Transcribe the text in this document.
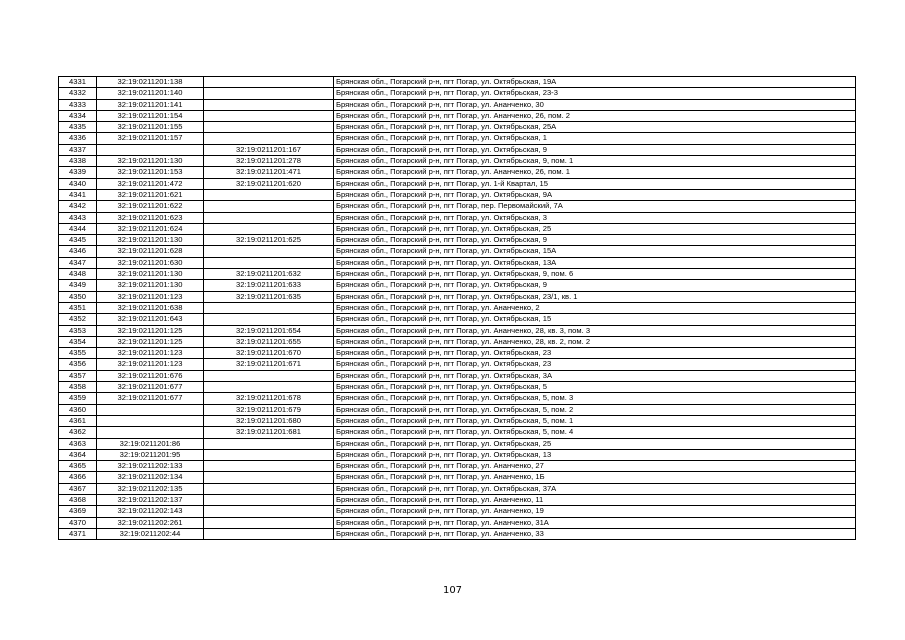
4331	32:19:0211201:138		Брянская обл., Погарский р-н, пгт Погар, ул. Октябрьская, 19А
4332	32:19:0211201:140		Брянская обл., Погарский р-н, пгт Погар, ул. Октябрьская, 23-3
4333	32:19:0211201:141		Брянская обл., Погарский р-н, пгт Погар, ул. Ананченко, 30
4334	32:19:0211201:154		Брянская обл., Погарский р-н, пгт Погар, ул. Ананченко, 26, пом. 2
4335	32:19:0211201:155		Брянская обл., Погарский р-н, пгт Погар, ул. Октябрьская, 25А
4336	32:19:0211201:157		Брянская обл., Погарский р-н, пгт Погар, ул. Октябрьская, 1
4337		32:19:0211201:167	Брянская обл., Погарский р-н, пгт Погар, ул. Октябрьская, 9
4338	32:19:0211201:130	32:19:0211201:278	Брянская обл., Погарский р-н, пгт Погар, ул. Октябрьская, 9, пом. 1
4339	32:19:0211201:153	32:19:0211201:471	Брянская обл., Погарский р-н, пгт Погар, ул. Ананченко, 26, пом. 1
4340	32:19:0211201:472	32:19:0211201:620	Брянская обл., Погарский р-н, пгт Погар, ул. 1-й Квартал, 15
4341	32:19:0211201:621		Брянская обл., Погарский р-н, пгт Погар, ул. Октябрьская, 9А
4342	32:19:0211201:622		Брянская обл., Погарский р-н, пгт Погар, пер. Первомайский, 7А
4343	32:19:0211201:623		Брянская обл., Погарский р-н, пгт Погар, ул. Октябрьская, 3
4344	32:19:0211201:624		Брянская обл., Погарский р-н, пгт Погар, ул. Октябрьская, 25
4345	32:19:0211201:130	32:19:0211201:625	Брянская обл., Погарский р-н, пгт Погар, ул. Октябрьская, 9
4346	32:19:0211201:628		Брянская обл., Погарский р-н, пгт Погар, ул. Октябрьская, 15А
4347	32:19:0211201:630		Брянская обл., Погарский р-н, пгт Погар, ул. Октябрьская, 13А
4348	32:19:0211201:130	32:19:0211201:632	Брянская обл., Погарский р-н, пгт Погар, ул. Октябрьская, 9, пом. 6
4349	32:19:0211201:130	32:19:0211201:633	Брянская обл., Погарский р-н, пгт Погар, ул. Октябрьская, 9
4350	32:19:0211201:123	32:19:0211201:635	Брянская обл., Погарский р-н, пгт Погар, ул. Октябрьская, 23/1, кв. 1
4351	32:19:0211201:638		Брянская обл., Погарский р-н, пгт Погар, ул. Ананченко, 2
4352	32:19:0211201:643		Брянская обл., Погарский р-н, пгт Погар, ул. Октябрьская, 15
4353	32:19:0211201:125	32:19:0211201:654	Брянская обл., Погарский р-н, пгт Погар, ул. Ананченко, 28, кв. 3, пом. 3
4354	32:19:0211201:125	32:19:0211201:655	Брянская обл., Погарский р-н, пгт Погар, ул. Ананченко, 28, кв. 2, пом. 2
4355	32:19:0211201:123	32:19:0211201:670	Брянская обл., Погарский р-н, пгт Погар, ул. Октябрьская, 23
4356	32:19:0211201:123	32:19:0211201:671	Брянская обл., Погарский р-н, пгт Погар, ул. Октябрьская, 23
4357	32:19:0211201:676		Брянская обл., Погарский р-н, пгт Погар, ул. Октябрьская, 3А
4358	32:19:0211201:677		Брянская обл., Погарский р-н, пгт Погар, ул. Октябрьская, 5
4359	32:19:0211201:677	32:19:0211201:678	Брянская обл., Погарский р-н, пгт Погар, ул. Октябрьская, 5, пом. 3
4360		32:19:0211201:679	Брянская обл., Погарский р-н, пгт Погар, ул. Октябрьская, 5, пом. 2
4361		32:19:0211201:680	Брянская обл., Погарский р-н, пгт Погар, ул. Октябрьская, 5, пом. 1
4362		32:19:0211201:681	Брянская обл., Погарский р-н, пгт Погар, ул. Октябрьская, 5, пом. 4
4363	32:19:0211201:86		Брянская обл., Погарский р-н, пгт Погар, ул. Октябрьская, 25
4364	32:19:0211201:95		Брянская обл., Погарский р-н, пгт Погар, ул. Октябрьская, 13
4365	32:19:0211202:133		Брянская обл., Погарский р-н, пгт Погар, ул. Ананченко, 27
4366	32:19:0211202:134		Брянская обл., Погарский р-н, пгт Погар, ул. Ананченко, 1Б
4367	32:19:0211202:135		Брянская обл., Погарский р-н, пгт Погар, ул. Октябрьская, 37А
4368	32:19:0211202:137		Брянская обл., Погарский р-н, пгт Погар, ул. Ананченко, 11
4369	32:19:0211202:143		Брянская обл., Погарский р-н, пгт Погар, ул. Ананченко, 19
4370	32:19:0211202:261		Брянская обл., Погарский р-н, пгт Погар, ул. Ананченко, 31А
4371	32:19:0211202:44		Брянская обл., Погарский р-н, пгт Погар, ул. Ананченко, 33
107
